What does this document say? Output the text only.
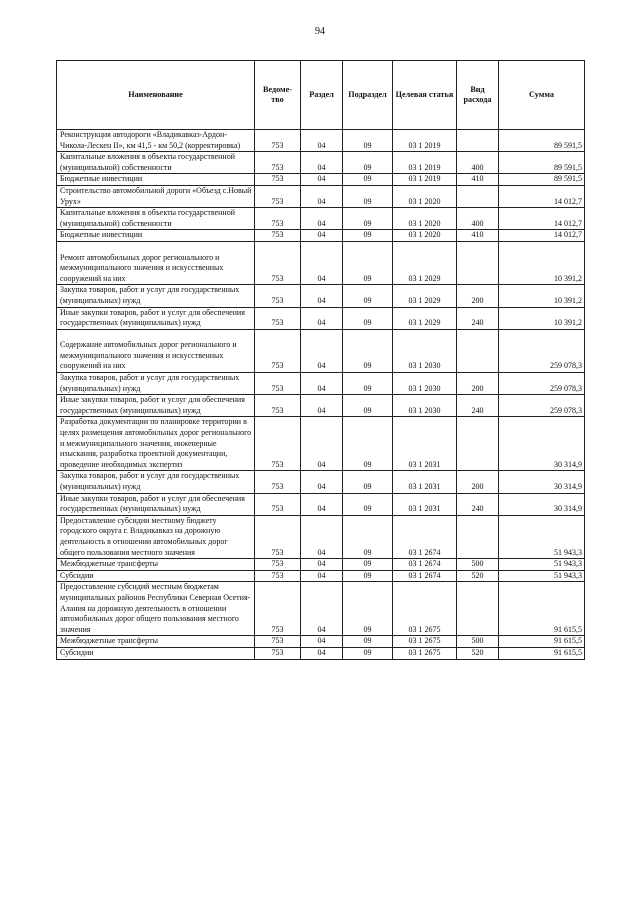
94
Наименование	Ведоме-тво	Раздел	Подраздел	Целевая статья	Вид расхода	Сумма
Реконструкция автодороги «Владикавказ-Ардон-Чикола-Лескен II», км 41,5 - км 50,2 (корректировка)	753	04	09	03 1 2019		89 591,5
Капитальные вложения в объекты государственной (муниципальной) собственности	753	04	09	03 1 2019	400	89 591,5
Бюджетные инвестиции	753	04	09	03 1 2019	410	89 591,5
Строительство автомобильной дороги «Объезд с.Новый Урух»	753	04	09	03 1 2020		14 012,7
Капитальные вложения в объекты государственной (муниципальной) собственности	753	04	09	03 1 2020	400	14 012,7
Бюджетные инвестиции	753	04	09	03 1 2020	410	14 012,7

Ремонт автомобильных дорог регионального и межмуниципального значения и искусственных сооружений на них	753	04	09	03 1 2029		10 391,2
Закупка товаров, работ и услуг для государственных (муниципальных) нужд	753	04	09	03 1 2029	200	10 391,2
Иные закупки товаров, работ и услуг для обеспечения государственных (муниципальных) нужд	753	04	09	03 1 2029	240	10 391,2

Содержание автомобильных дорог регионального и межмуниципального значения и искусственных сооружений на них	753	04	09	03 1 2030		259 078,3
Закупка товаров, работ и услуг для государственных (муниципальных) нужд	753	04	09	03 1 2030	200	259 078,3
Иные закупки товаров, работ и услуг для обеспечения государственных (муниципальных) нужд	753	04	09	03 1 2030	240	259 078,3
Разработка документации по планировке территории в целях размещения автомобильных дорог регионального и межмуниципального значения, инженерные изыскания, разработка проектной документации, проведение необходимых экспертиз	753	04	09	03 1 2031		30 314,9
Закупка товаров, работ и услуг для государственных (муниципальных) нужд	753	04	09	03 1 2031	200	30 314,9
Иные закупки товаров, работ и услуг для обеспечения государственных (муниципальных) нужд	753	04	09	03 1 2031	240	30 314,9
Предоставление субсидии местному бюджету городского округа г. Владикавказ на дорожную деятельность в отношении автомобильных дорог общего пользования местного значения	753	04	09	03 1 2674		51 943,3
Межбюджетные трансферты	753	04	09	03 1 2674	500	51 943,3
Субсидии	753	04	09	03 1 2674	520	51 943,3
Предоставление субсидий местным бюджетам муниципальных районов Республики Северная Осетия-Алания на дорожную деятельность в отношении автомобильных дорог общего пользования местного значения	753	04	09	03 1 2675		91 615,5
Межбюджетные трансферты	753	04	09	03 1 2675	500	91 615,5
Субсидии	753	04	09	03 1 2675	520	91 615,5
